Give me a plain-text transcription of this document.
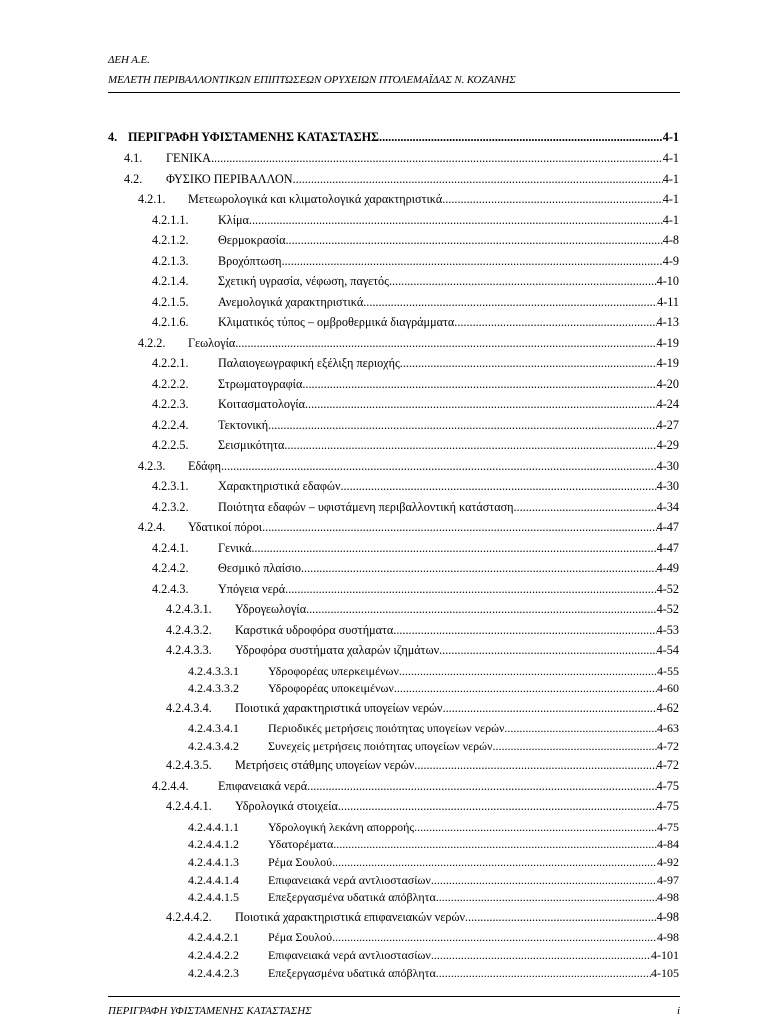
ΔΕΗ Α.Ε.
ΜΕΛΕΤΗ ΠΕΡΙΒΑΛΛΟΝΤΙΚΩΝ ΕΠΙΠΤΩΣΕΩΝ ΟΡΥΧΕΙΩΝ ΠΤΟΛΕΜΑΪΔΑΣ Ν. ΚΟΖΑΝΗΣ
4. ΠΕΡΙΓΡΑΦΗ ΥΦΙΣΤΑΜΕΝΗΣ ΚΑΤΑΣΤΑΣΗΣ .....	4-1
4.1. ΓΕΝΙΚΑ .....	4-1
4.2. ΦΥΣΙΚΟ ΠΕΡΙΒΑΛΛΟΝ .....	4-1
4.2.1. Μετεωρολογικά και κλιματολογικά χαρακτηριστικά .....	4-1
4.2.1.1. Κλίμα .....	4-1
4.2.1.2. Θερμοκρασία .....	4-8
4.2.1.3. Βροχόπτωση .....	4-9
4.2.1.4. Σχετική υγρασία, νέφωση, παγετός .....	4-10
4.2.1.5. Ανεμολογικά χαρακτηριστικά .....	4-11
4.2.1.6. Κλιματικός τύπος – ομβροθερμικά διαγράμματα .....	4-13
4.2.2. Γεωλογία .....	4-19
4.2.2.1. Παλαιογεωγραφική εξέλιξη περιοχής .....	4-19
4.2.2.2. Στρωματογραφία .....	4-20
4.2.2.3. Κοιτασματολογία .....	4-24
4.2.2.4. Τεκτονική .....	4-27
4.2.2.5. Σεισμικότητα .....	4-29
4.2.3. Εδάφη .....	4-30
4.2.3.1. Χαρακτηριστικά εδαφών .....	4-30
4.2.3.2. Ποιότητα εδαφών – υφιστάμενη περιβαλλοντική κατάσταση .....	4-34
4.2.4. Υδατικοί πόροι .....	4-47
4.2.4.1. Γενικά .....	4-47
4.2.4.2. Θεσμικό πλαίσιο .....	4-49
4.2.4.3. Υπόγεια νερά .....	4-52
4.2.4.3.1. Υδρογεωλογία .....	4-52
4.2.4.3.2. Καρστικά υδροφόρα συστήματα .....	4-53
4.2.4.3.3. Υδροφόρα συστήματα χαλαρών ιζημάτων .....	4-54
4.2.4.3.3.1 Υδροφορέας υπερκειμένων .....	4-55
4.2.4.3.3.2 Υδροφορέας υποκειμένων .....	4-60
4.2.4.3.4. Ποιοτικά χαρακτηριστικά υπογείων νερών .....	4-62
4.2.4.3.4.1 Περιοδικές μετρήσεις ποιότητας υπογείων νερών .....	4-63
4.2.4.3.4.2 Συνεχείς μετρήσεις ποιότητας υπογείων νερών .....	4-72
4.2.4.3.5. Μετρήσεις στάθμης υπογείων νερών .....	4-72
4.2.4.4. Επιφανειακά νερά .....	4-75
4.2.4.4.1. Υδρολογικά στοιχεία .....	4-75
4.2.4.4.1.1 Υδρολογική λεκάνη απορροής .....	4-75
4.2.4.4.1.2 Υδατορέματα .....	4-84
4.2.4.4.1.3 Ρέμα Σουλού .....	4-92
4.2.4.4.1.4 Επιφανειακά νερά αντλιοστασίων .....	4-97
4.2.4.4.1.5 Επεξεργασμένα υδατικά απόβλητα .....	4-98
4.2.4.4.2. Ποιοτικά χαρακτηριστικά επιφανειακών νερών .....	4-98
4.2.4.4.2.1 Ρέμα Σουλού .....	4-98
4.2.4.4.2.2 Επιφανειακά νερά αντλιοστασίων .....	4-101
4.2.4.4.2.3 Επεξεργασμένα υδατικά απόβλητα .....	4-105
ΠΕΡΙΓΡΑΦΗ ΥΦΙΣΤΑΜΕΝΗΣ ΚΑΤΑΣΤΑΣΗΣ	i
